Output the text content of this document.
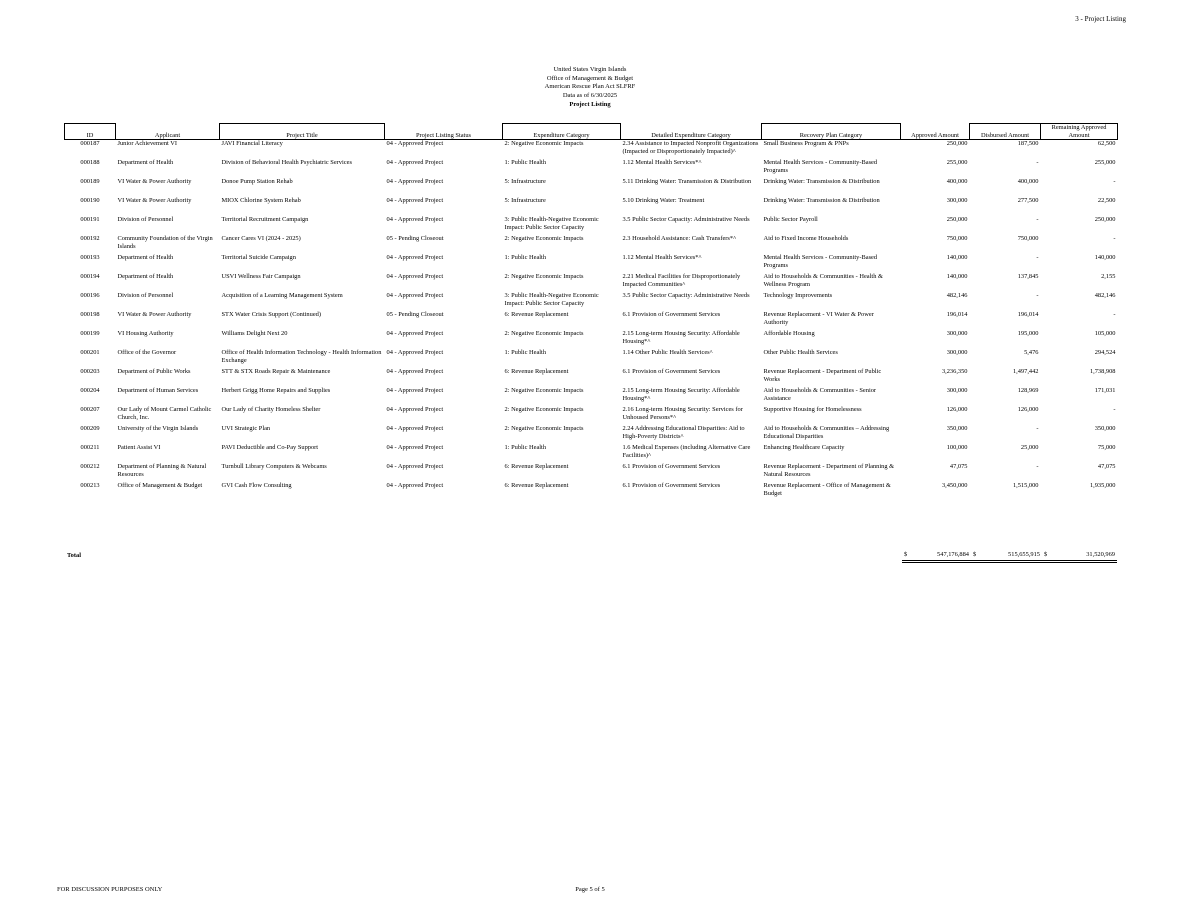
3 - Project Listing
United States Virgin Islands
Office of Management & Budget
American Rescue Plan Act SLFRF
Data as of 6/30/2025
Project Listing
ID	Applicant	Project Title	Project Listing Status	Expenditure Category	Detailed Expenditure Category	Recovery Plan Category	Approved Amount	Disbursed Amount	Remaining Approved Amount
000187	Junior Achievement VI	JAVI Financial Literacy	04 - Approved Project	2: Negative Economic Impacts	2.34 Assistance to Impacted Nonprofit Organizations (Impacted or Disproportionately Impacted)^	Small Business Program & PNPs	250,000	187,500	62,500
000188	Department of Health	Division of Behavioral Health Psychiatric Services	04 - Approved Project	1: Public Health	1.12 Mental Health Services*^	Mental Health Services - Community-Based Programs	255,000	-	255,000
000189	VI Water & Power Authority	Donoe Pump Station Rehab	04 - Approved Project	5: Infrastructure	5.11 Drinking Water: Transmission & Distribution	Drinking Water: Transmission & Distribution	400,000	400,000	-
000190	VI Water & Power Authority	MIOX Chlorine System Rehab	04 - Approved Project	5: Infrastructure	5.10 Drinking Water: Treatment	Drinking Water: Transmission & Distribution	300,000	277,500	22,500
000191	Division of Personnel	Territorial Recruitment Campaign	04 - Approved Project	3: Public Health-Negative Economic Impact: Public Sector Capacity	3.5 Public Sector Capacity: Administrative Needs	Public Sector Payroll	250,000	-	250,000
000192	Community Foundation of the Virgin Islands	Cancer Cares VI (2024 - 2025)	05 - Pending Closeout	2: Negative Economic Impacts	2.3 Household Assistance: Cash Transfers*^	Aid to Fixed Income Households	750,000	750,000	-
000193	Department of Health	Territorial Suicide Campaign	04 - Approved Project	1: Public Health	1.12 Mental Health Services*^	Mental Health Services - Community-Based Programs	140,000	-	140,000
000194	Department of Health	USVI Wellness Fair Campaign	04 - Approved Project	2: Negative Economic Impacts	2.21 Medical Facilities for Disproportionately Impacted Communities^	Aid to Households & Communities - Health & Wellness Program	140,000	137,845	2,155
000196	Division of Personnel	Acquisition of a Learning Management System	04 - Approved Project	3: Public Health-Negative Economic Impact: Public Sector Capacity	3.5 Public Sector Capacity: Administrative Needs	Technology Improvements	482,146	-	482,146
000198	VI Water & Power Authority	STX Water Crisis Support (Continued)	05 - Pending Closeout	6: Revenue Replacement	6.1 Provision of Government Services	Revenue Replacement - VI Water & Power Authority	196,014	196,014	-
000199	VI Housing Authority	Williams Delight Next 20	04 - Approved Project	2: Negative Economic Impacts	2.15 Long-term Housing Security: Affordable Housing*^	Affordable Housing	300,000	195,000	105,000
000201	Office of the Governor	Office of Health Information Technology - Health Information Exchange	04 - Approved Project	1: Public Health	1.14 Other Public Health Services^	Other Public Health Services	300,000	5,476	294,524
000203	Department of Public Works	STT & STX Roads Repair & Maintenance	04 - Approved Project	6: Revenue Replacement	6.1 Provision of Government Services	Revenue Replacement - Department of Public Works	3,236,350	1,497,442	1,738,908
000204	Department of Human Services	Herbert Grigg Home Repairs and Supplies	04 - Approved Project	2: Negative Economic Impacts	2.15 Long-term Housing Security: Affordable Housing*^	Aid to Households & Communities - Senior Assistance	300,000	128,969	171,031
000207	Our Lady of Mount Carmel Catholic Church, Inc.	Our Lady of Charity Homeless Shelter	04 - Approved Project	2: Negative Economic Impacts	2.16 Long-term Housing Security: Services for Unhoused Persons*^	Supportive Housing for Homelessness	126,000	126,000	-
000209	University of the Virgin Islands	UVI Strategic Plan	04 - Approved Project	2: Negative Economic Impacts	2.24 Addressing Educational Disparities: Aid to High-Poverty Districts^	Aid to Households & Communities – Addressing Educational Disparities	350,000	-	350,000
000211	Patient Assist VI	PAVI Deductible and Co-Pay Support	04 - Approved Project	1: Public Health	1.6 Medical Expenses (including Alternative Care Facilities)^	Enhancing Healthcare Capacity	100,000	25,000	75,000
000212	Department of Planning & Natural Resources	Turnbull Library Computers & Webcams	04 - Approved Project	6: Revenue Replacement	6.1 Provision of Government Services	Revenue Replacement - Department of Planning & Natural Resources	47,075	-	47,075
000213	Office of Management & Budget	GVI Cash Flow Consulting	04 - Approved Project	6: Revenue Replacement	6.1 Provision of Government Services	Revenue Replacement - Office of Management & Budget	3,450,000	1,515,000	1,935,000
Total	$	547,176,884 $	515,655,915 $	31,520,969
FOR DISCUSSION PURPOSES ONLY	Page 5 of 5
